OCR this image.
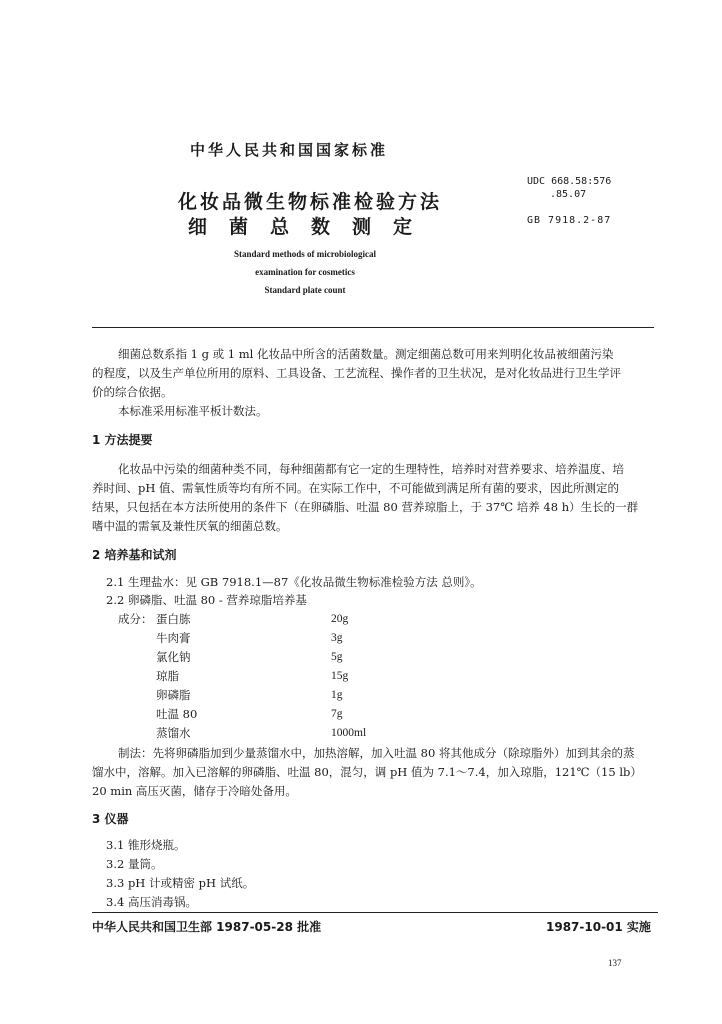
中华人民共和国国家标准
化妆品微生物标准检验方法
细菌总数测定
UDC 668.58:576
.85.07
GB 7918.2-87
Standard methods of microbiological
examination for cosmetics
Standard plate count
细菌总数系指 1 g 或 1 ml 化妆品中所含的活菌数量。测定细菌总数可用来判明化妆品被细菌污染
的程度，以及生产单位所用的原料、工具设备、工艺流程、操作者的卫生状况，是对化妆品进行卫生学评
价的综合依据。
本标准采用标准平板计数法。
1 方法提要
化妆品中污染的细菌种类不同，每种细菌都有它一定的生理特性，培养时对营养要求、培养温度、培
养时间、pH 值、需氧性质等均有所不同。在实际工作中，不可能做到满足所有菌的要求，因此所测定的
结果，只包括在本方法所使用的条件下（在卵磷脂、吐温 80 营养琼脂上，于 37℃ 培养 48 h）生长的一群
嗜中温的需氧及兼性厌氧的细菌总数。
2 培养基和试剂
2.1 生理盐水：见 GB 7918.1—87《化妆品微生物标准检验方法 总则》。
2.2 卵磷脂、吐温 80 - 营养琼脂培养基
成分： 蛋白胨	20g
牛肉膏	3g
氯化钠	5g
琼脂	15g
卵磷脂	1g
吐温 80	7g
蒸馏水	1000ml
制法：先将卵磷脂加到少量蒸馏水中，加热溶解，加入吐温 80 将其他成分（除琼脂外）加到其余的蒸
馏水中，溶解。加入已溶解的卵磷脂、吐温 80，混匀，调 pH 值为 7.1～7.4，加入琼脂，121℃（15 lb）
20 min 高压灭菌，储存于冷暗处备用。
3 仪器
3.1 锥形烧瓶。
3.2 量筒。
3.3 pH 计或精密 pH 试纸。
3.4 高压消毒锅。
中华人民共和国卫生部 1987-05-28 批准	1987-10-01 实施
137
